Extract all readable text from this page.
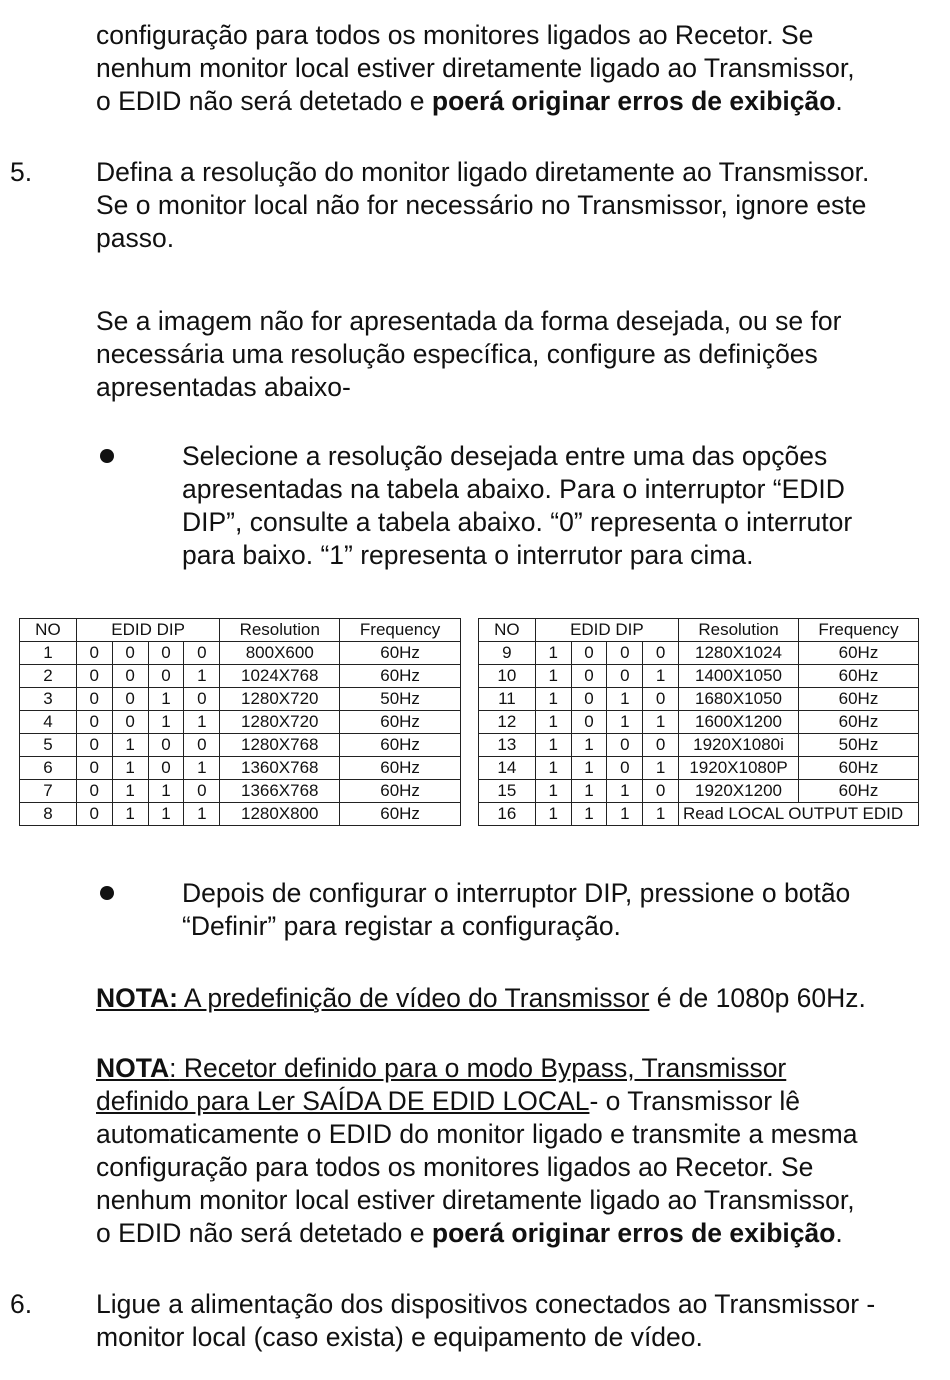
configuração para todos os monitores ligados ao Recetor. Se
nenhum monitor local estiver diretamente ligado ao Transmissor,
o EDID não será detetado e poerá originar erros de exibição.

5. Defina a resolução do monitor ligado diretamente ao Transmissor.
Se o monitor local não for necessário no Transmissor, ignore este
passo.

Se a imagem não for apresentada da forma desejada, ou se for
necessária uma resolução específica, configure as definições
apresentadas abaixo-

Selecione a resolução desejada entre uma das opções
apresentadas na tabela abaixo. Para o interruptor “EDID
DIP”, consulte a tabela abaixo. “0” representa o interrutor
para baixo. “1” representa o interrutor para cima.

NO	EDID DIP				Resolution	Frequency
1	0	0	0	0	800X600	60Hz
2	0	0	0	1	1024X768	60Hz
3	0	0	1	0	1280X720	50Hz
4	0	0	1	1	1280X720	60Hz
5	0	1	0	0	1280X768	60Hz
6	0	1	0	1	1360X768	60Hz
7	0	1	1	0	1366X768	60Hz
8	0	1	1	1	1280X800	60Hz
NO	EDID DIP				Resolution	Frequency
9	1	0	0	0	1280X1024	60Hz
10	1	0	0	1	1400X1050	60Hz
11	1	0	1	0	1680X1050	60Hz
12	1	0	1	1	1600X1200	60Hz
13	1	1	0	0	1920X1080i	50Hz
14	1	1	0	1	1920X1080P	60Hz
15	1	1	1	0	1920X1200	60Hz
16	1	1	1	1	Read LOCAL OUTPUT EDID	

Depois de configurar o interruptor DIP, pressione o botão
“Definir” para registar a configuração.

NOTA: A predefinição de vídeo do Transmissor é de 1080p 60Hz.

NOTA: Recetor definido para o modo Bypass, Transmissor
definido para Ler SAÍDA DE EDID LOCAL- o Transmissor lê
automaticamente o EDID do monitor ligado e transmite a mesma
configuração para todos os monitores ligados ao Recetor. Se
nenhum monitor local estiver diretamente ligado ao Transmissor,
o EDID não será detetado e poerá originar erros de exibição.

6. Ligue a alimentação dos dispositivos conectados ao Transmissor -
monitor local (caso exista) e equipamento de vídeo.
